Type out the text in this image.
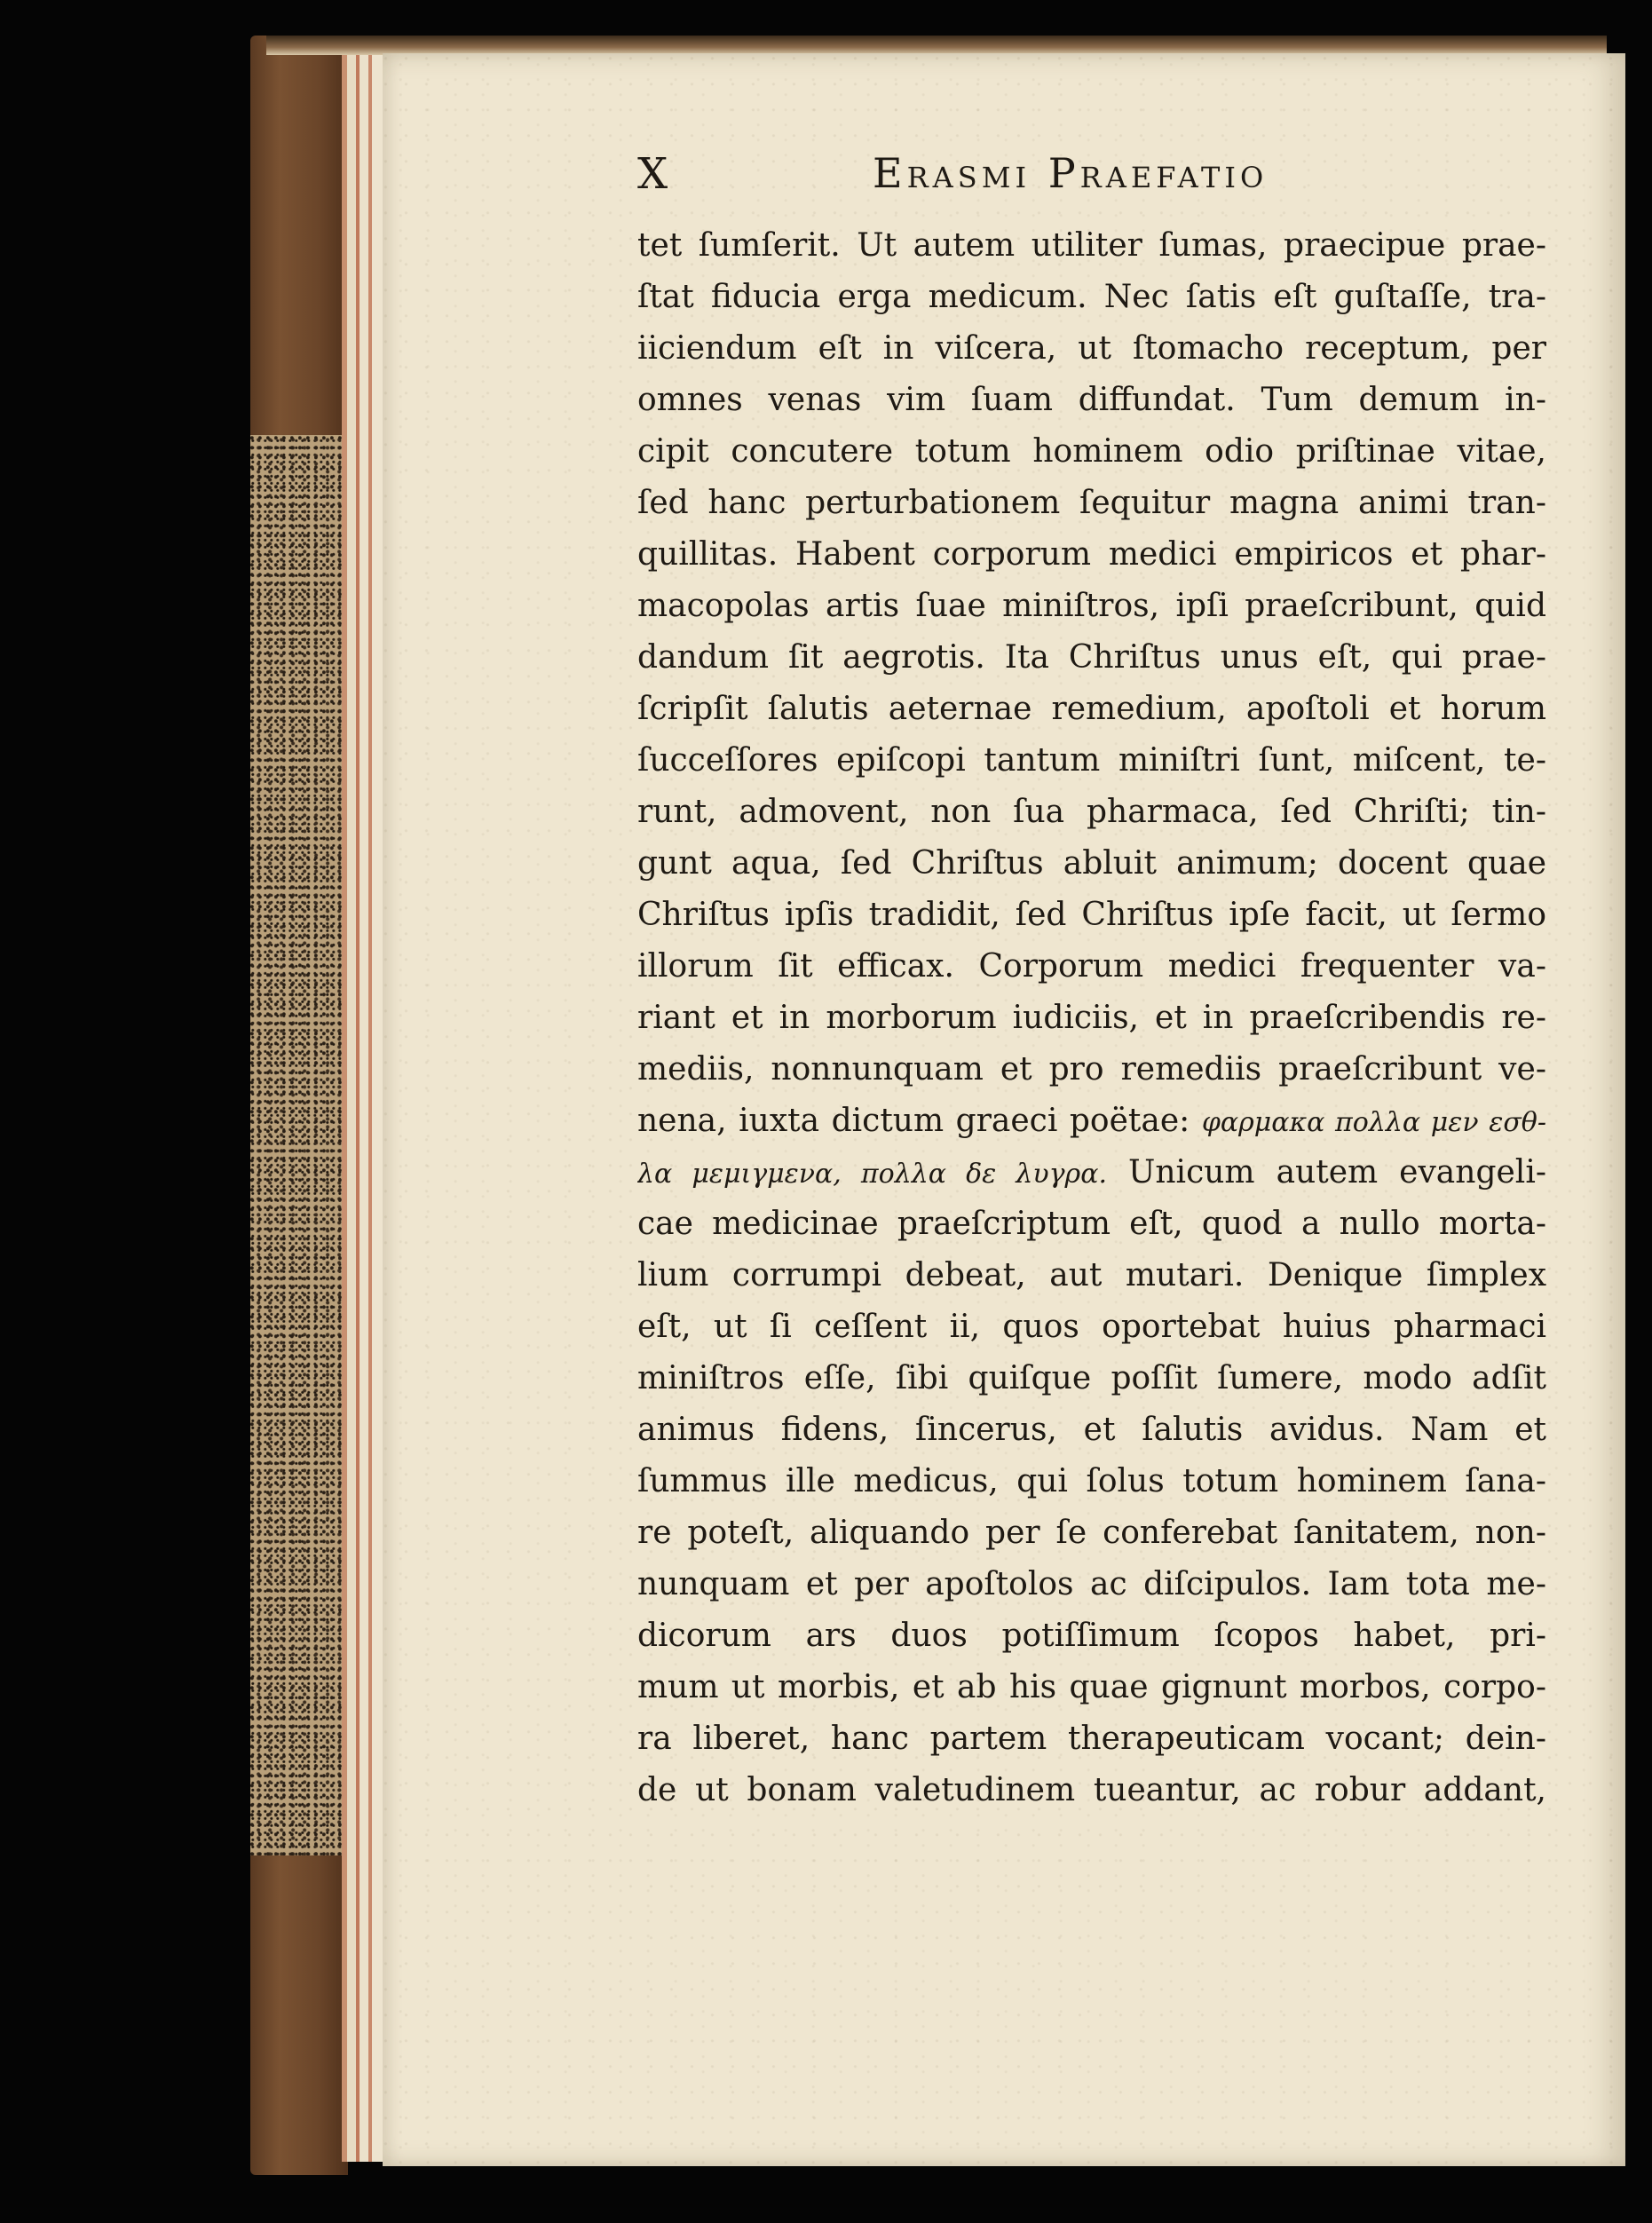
X	Erasmi Praefatio
tet ſumſerit. Ut autem utiliter ſumas, praecipue prae-
ſtat fiducia erga medicum. Nec ſatis eſt guſtaſſe, tra-
iiciendum eſt in viſcera, ut ſtomacho receptum, per
omnes venas vim ſuam diffundat. Tum demum in-
cipit concutere totum hominem odio priſtinae vitae,
ſed hanc perturbationem ſequitur magna animi tran-
quillitas. Habent corporum medici empiricos et phar-
macopolas artis ſuae miniſtros, ipſi praeſcribunt, quid
dandum ſit aegrotis. Ita Chriſtus unus eſt, qui prae-
ſcripſit ſalutis aeternae remedium, apoſtoli et horum
ſucceſſores epiſcopi tantum miniſtri ſunt, miſcent, te-
runt, admovent, non ſua pharmaca, ſed Chriſti; tin-
gunt aqua, ſed Chriſtus abluit animum; docent quae
Chriſtus ipſis tradidit, ſed Chriſtus ipſe facit, ut ſermo
illorum ſit efficax. Corporum medici frequenter va-
riant et in morborum iudiciis, et in praeſcribendis re-
mediis, nonnunquam et pro remediis praeſcribunt ve-
nena, iuxta dictum graeci poëtae: φαρμακα πολλα μεν εσθ-
λα μεμιγμενα, πολλα δε λυγρα. Unicum autem evangeli-
cae medicinae praeſcriptum eſt, quod a nullo morta-
lium corrumpi debeat, aut mutari. Denique ſimplex
eſt, ut ſi ceſſent ii, quos oportebat huius pharmaci
miniſtros eſſe, ſibi quiſque poſſit ſumere, modo adſit
animus fidens, ſincerus, et ſalutis avidus. Nam et
ſummus ille medicus, qui ſolus totum hominem ſana-
re poteſt, aliquando per ſe conferebat ſanitatem, non-
nunquam et per apoſtolos ac diſcipulos. Iam tota me-
dicorum ars duos potiſſimum ſcopos habet, pri-
mum ut morbis, et ab his quae gignunt morbos, corpo-
ra liberet, hanc partem therapeuticam vocant; dein-
de ut bonam valetudinem tueantur, ac robur addant,
